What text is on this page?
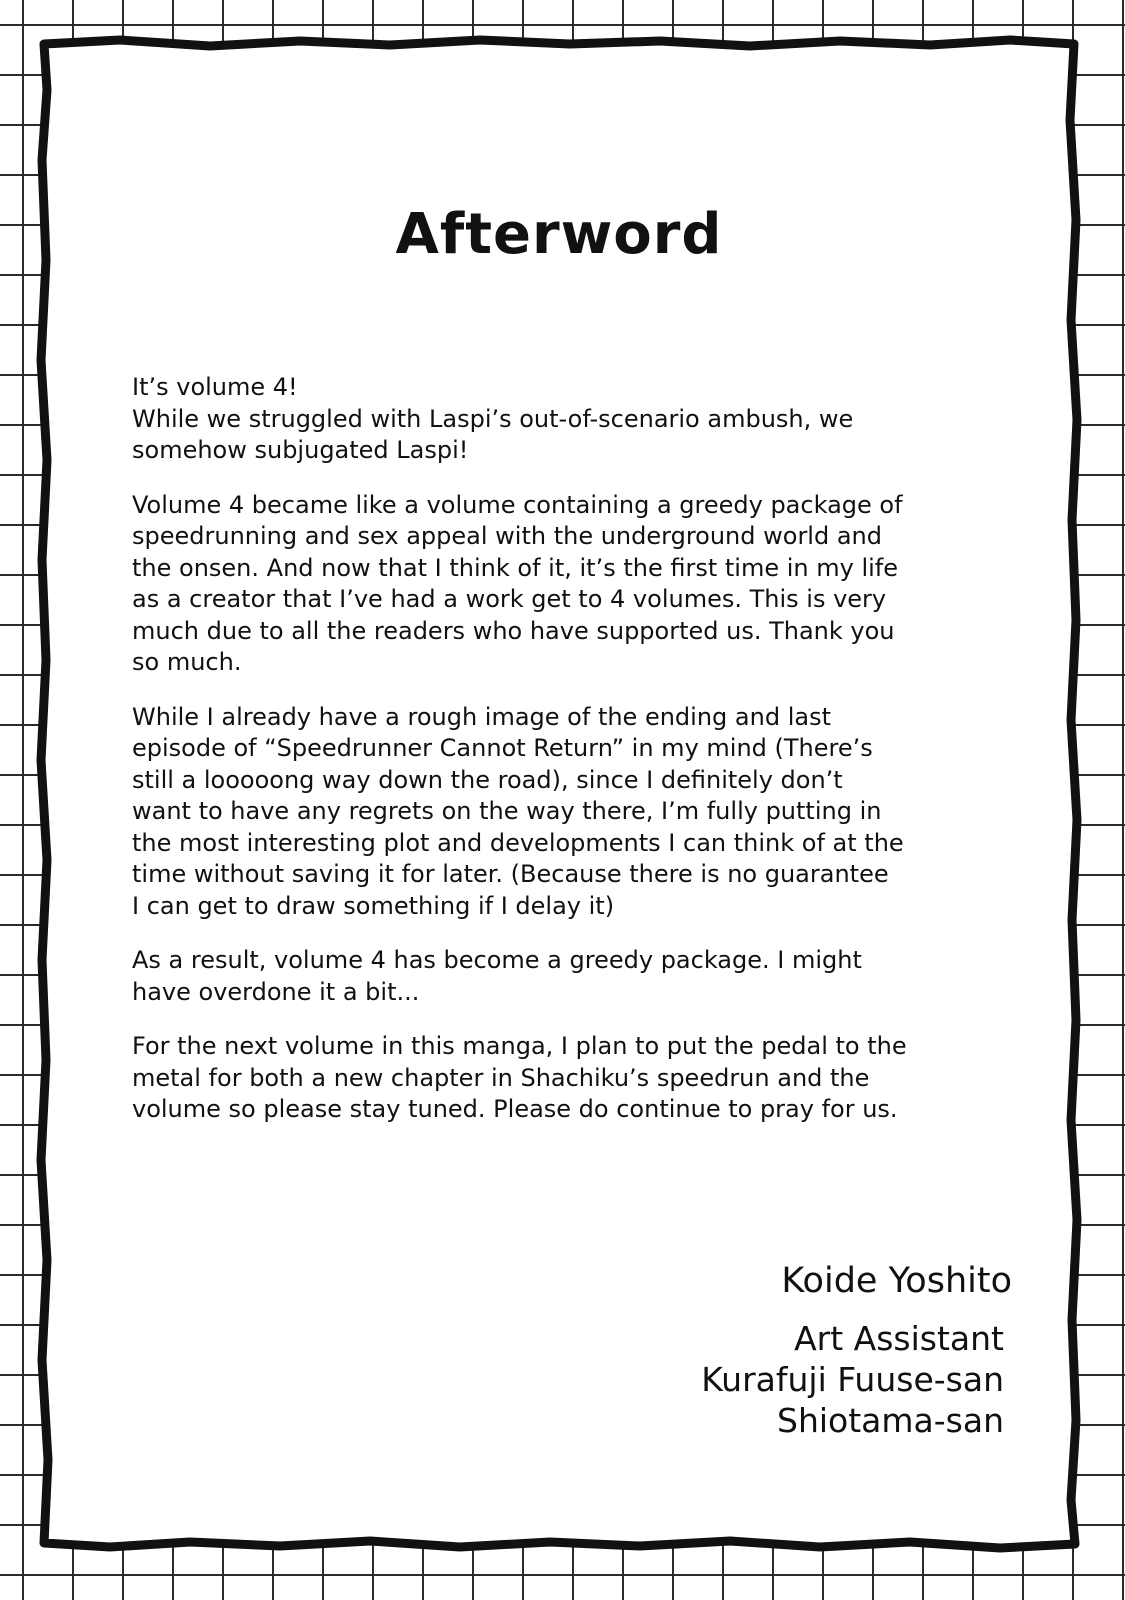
Afterword

It’s volume 4!
While we struggled with Laspi’s out-of-scenario ambush, we
somehow subjugated Laspi!

Volume 4 became like a volume containing a greedy package of
speedrunning and sex appeal with the underground world and
the onsen. And now that I think of it, it’s the first time in my life
as a creator that I’ve had a work get to 4 volumes. This is very
much due to all the readers who have supported us. Thank you
so much.

While I already have a rough image of the ending and last
episode of “Speedrunner Cannot Return” in my mind (There’s
still a looooong way down the road), since I definitely don’t
want to have any regrets on the way there, I’m fully putting in
the most interesting plot and developments I can think of at the
time without saving it for later. (Because there is no guarantee
I can get to draw something if I delay it)

As a result, volume 4 has become a greedy package. I might
have overdone it a bit...

For the next volume in this manga, I plan to put the pedal to the
metal for both a new chapter in Shachiku’s speedrun and the
volume so please stay tuned. Please do continue to pray for us.

Koide Yoshito
Art Assistant
Kurafuji Fuuse-san
Shiotama-san
